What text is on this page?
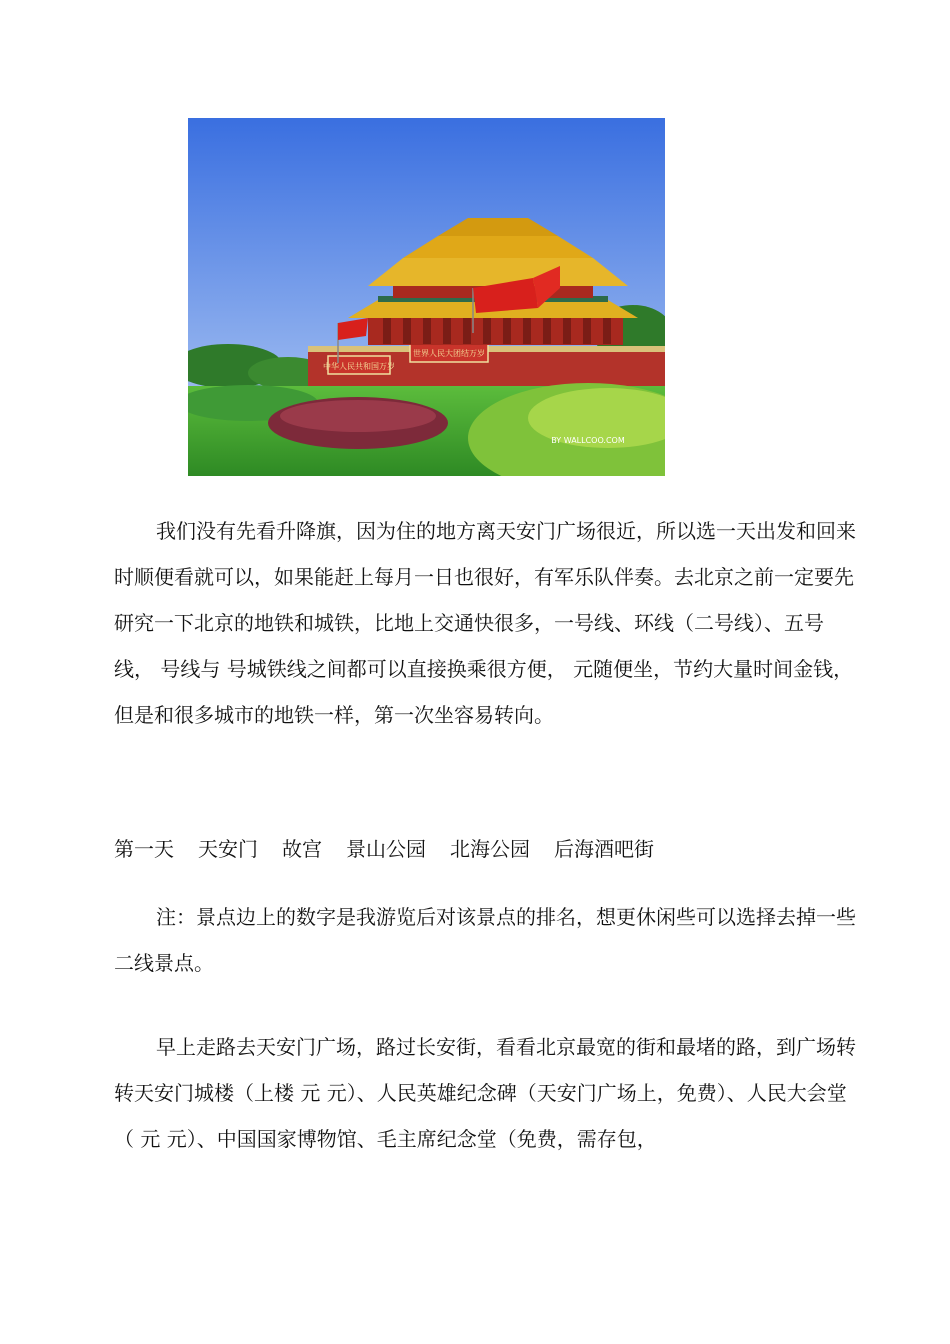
中华人民共和国万岁
世界人民大团结万岁
BY WALLCOO.COM

我们没有先看升降旗，因为住的地方离天安门广场很近，所以选一天出发和回来时顺便看就可以，如果能赶上每月一日也很好，有军乐队伴奏。去北京之前一定要先研究一下北京的地铁和城铁，比地上交通快很多，一号线、环线（二号线）、五号线， 号线与 号城铁线之间都可以直接换乘很方便， 元随便坐，节约大量时间金钱，但是和很多城市的地铁一样，第一次坐容易转向。

第一天 天安门 故宫 景山公园 北海公园 后海酒吧街

注：景点边上的数字是我游览后对该景点的排名，想更休闲些可以选择去掉一些二线景点。

早上走路去天安门广场，路过长安街，看看北京最宽的街和最堵的路，到广场转转天安门城楼（上楼 元 元）、人民英雄纪念碑（天安门广场上，免费）、人民大会堂（ 元 元）、中国国家博物馆、毛主席纪念堂（免费，需存包，
